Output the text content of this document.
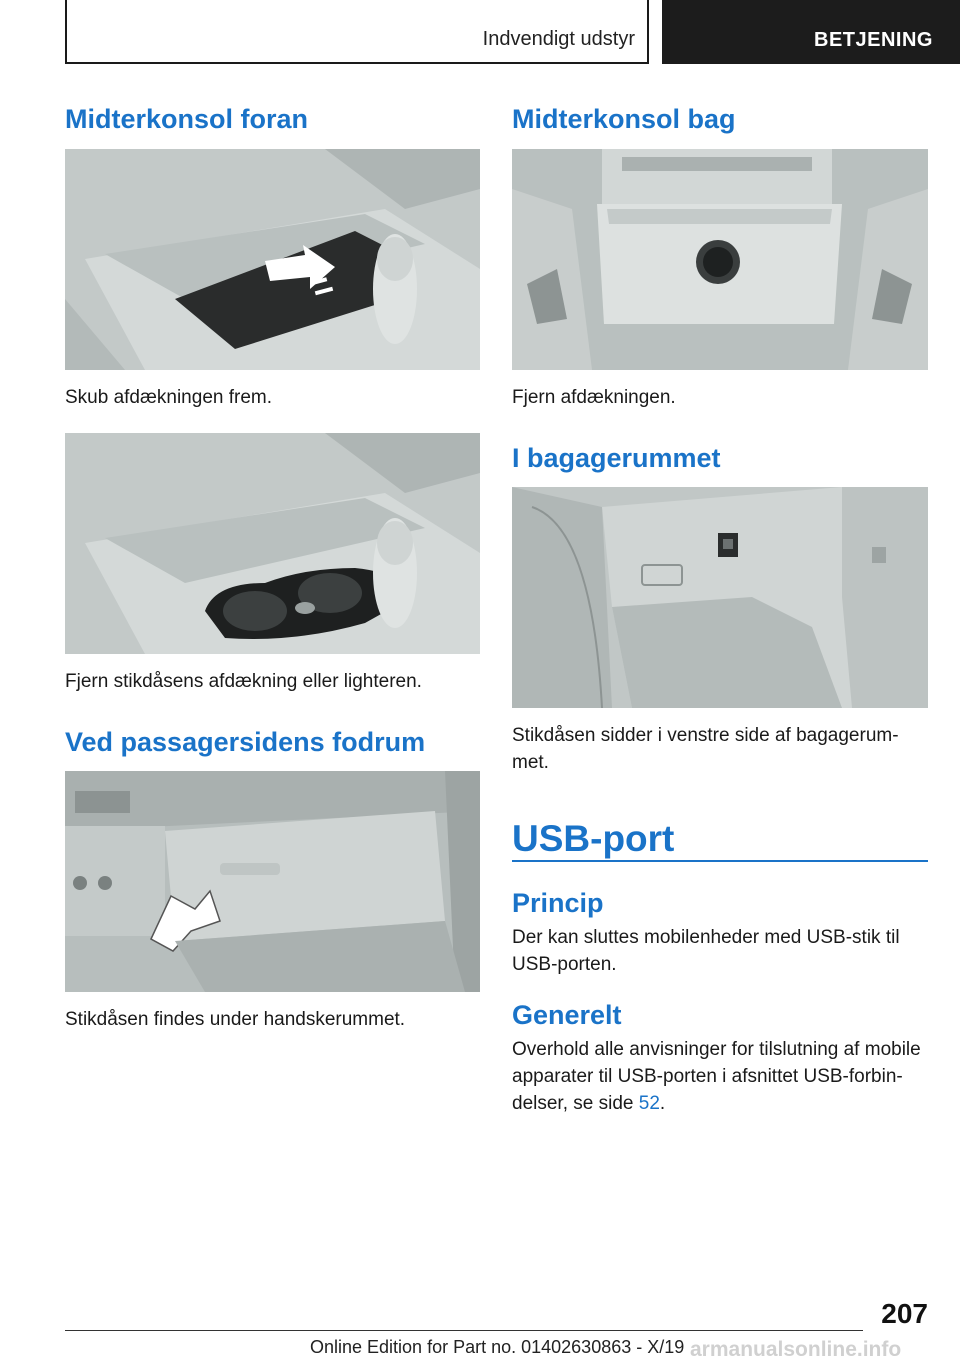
Indvendigt udstyr	BETJENING
Midterkonsol foran

Skub afdækningen frem.

Fjern stikdåsens afdækning eller lighteren.

Ved passagersidens fodrum

Stikdåsen findes under handskerummet.

Midterkonsol bag

Fjern afdækningen.

I bagagerummet

Stikdåsen sidder i venstre side af bagagerum-met.

USB-port
Princip

Der kan sluttes mobilenheder med USB-stik til USB-porten.

Generelt

Overhold alle anvisninger for tilslutning af mobile apparater til USB-porten i afsnittet USB-forbin-delser, se side 52.

207
Online Edition for Part no. 01402630863 - X/19 armanualsonline.info
